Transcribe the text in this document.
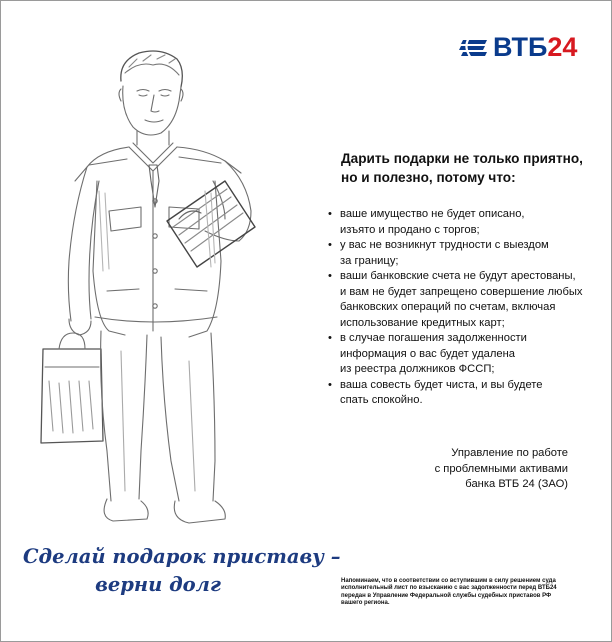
ВТБ24
Дарить подарки не только приятно,
но и полезно, потому что:
• ваше имущество не будет описано,
изъято и продано с торгов;
• у вас не возникнут трудности с выездом
за границу;
• ваши банковские счета не будут арестованы,
и вам не будет запрещено совершение любых
банковских операций по счетам, включая
использование кредитных карт;
• в случае погашения задолженности
информация о вас будет удалена
из реестра должников ФССП;
• ваша совесть будет чиста, и вы будете
спать спокойно.
Управление по работе
с проблемными активами
банка ВТБ 24 (ЗАО)
Сделай подарок приставу –
верни долг	Напоминаем, что в соответствии со вступившим в силу решением суда
исполнительный лист по взысканию с вас задолженности перед ВТБ24
передан в Управление Федеральной службы судебных приставов РФ
вашего региона.
